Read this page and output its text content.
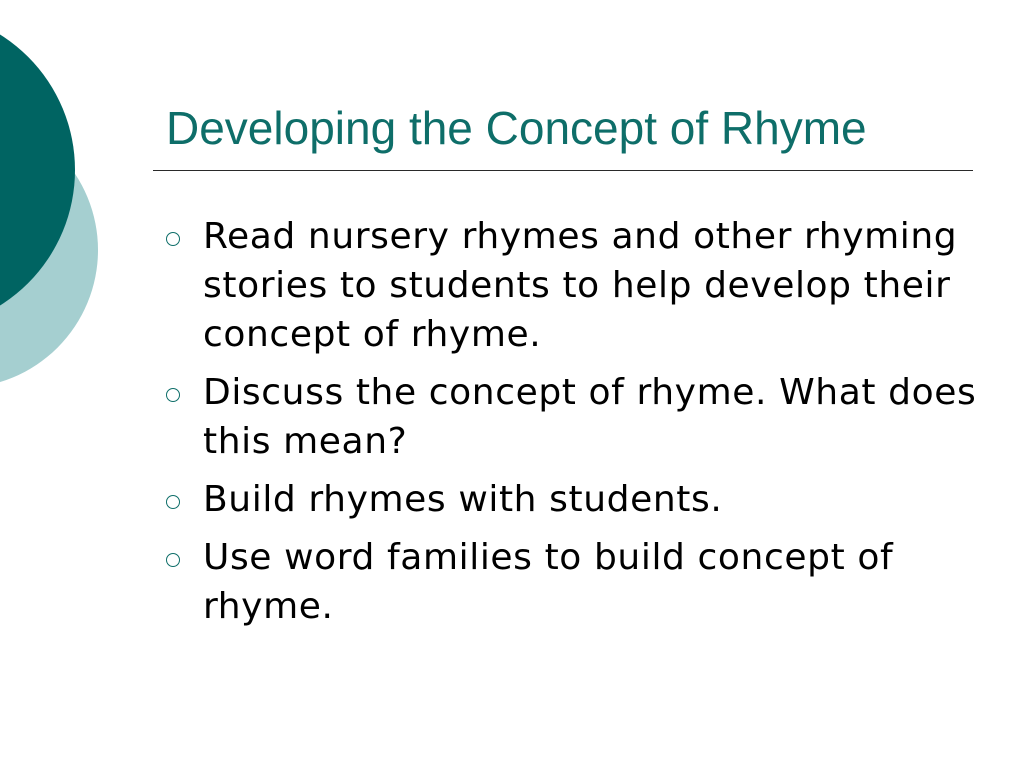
Developing the Concept of Rhyme
Read nursery rhymes and other rhyming stories to students to help develop their concept of rhyme.
Discuss the concept of rhyme. What does this mean?
Build rhymes with students.
Use word families to build concept of rhyme.
